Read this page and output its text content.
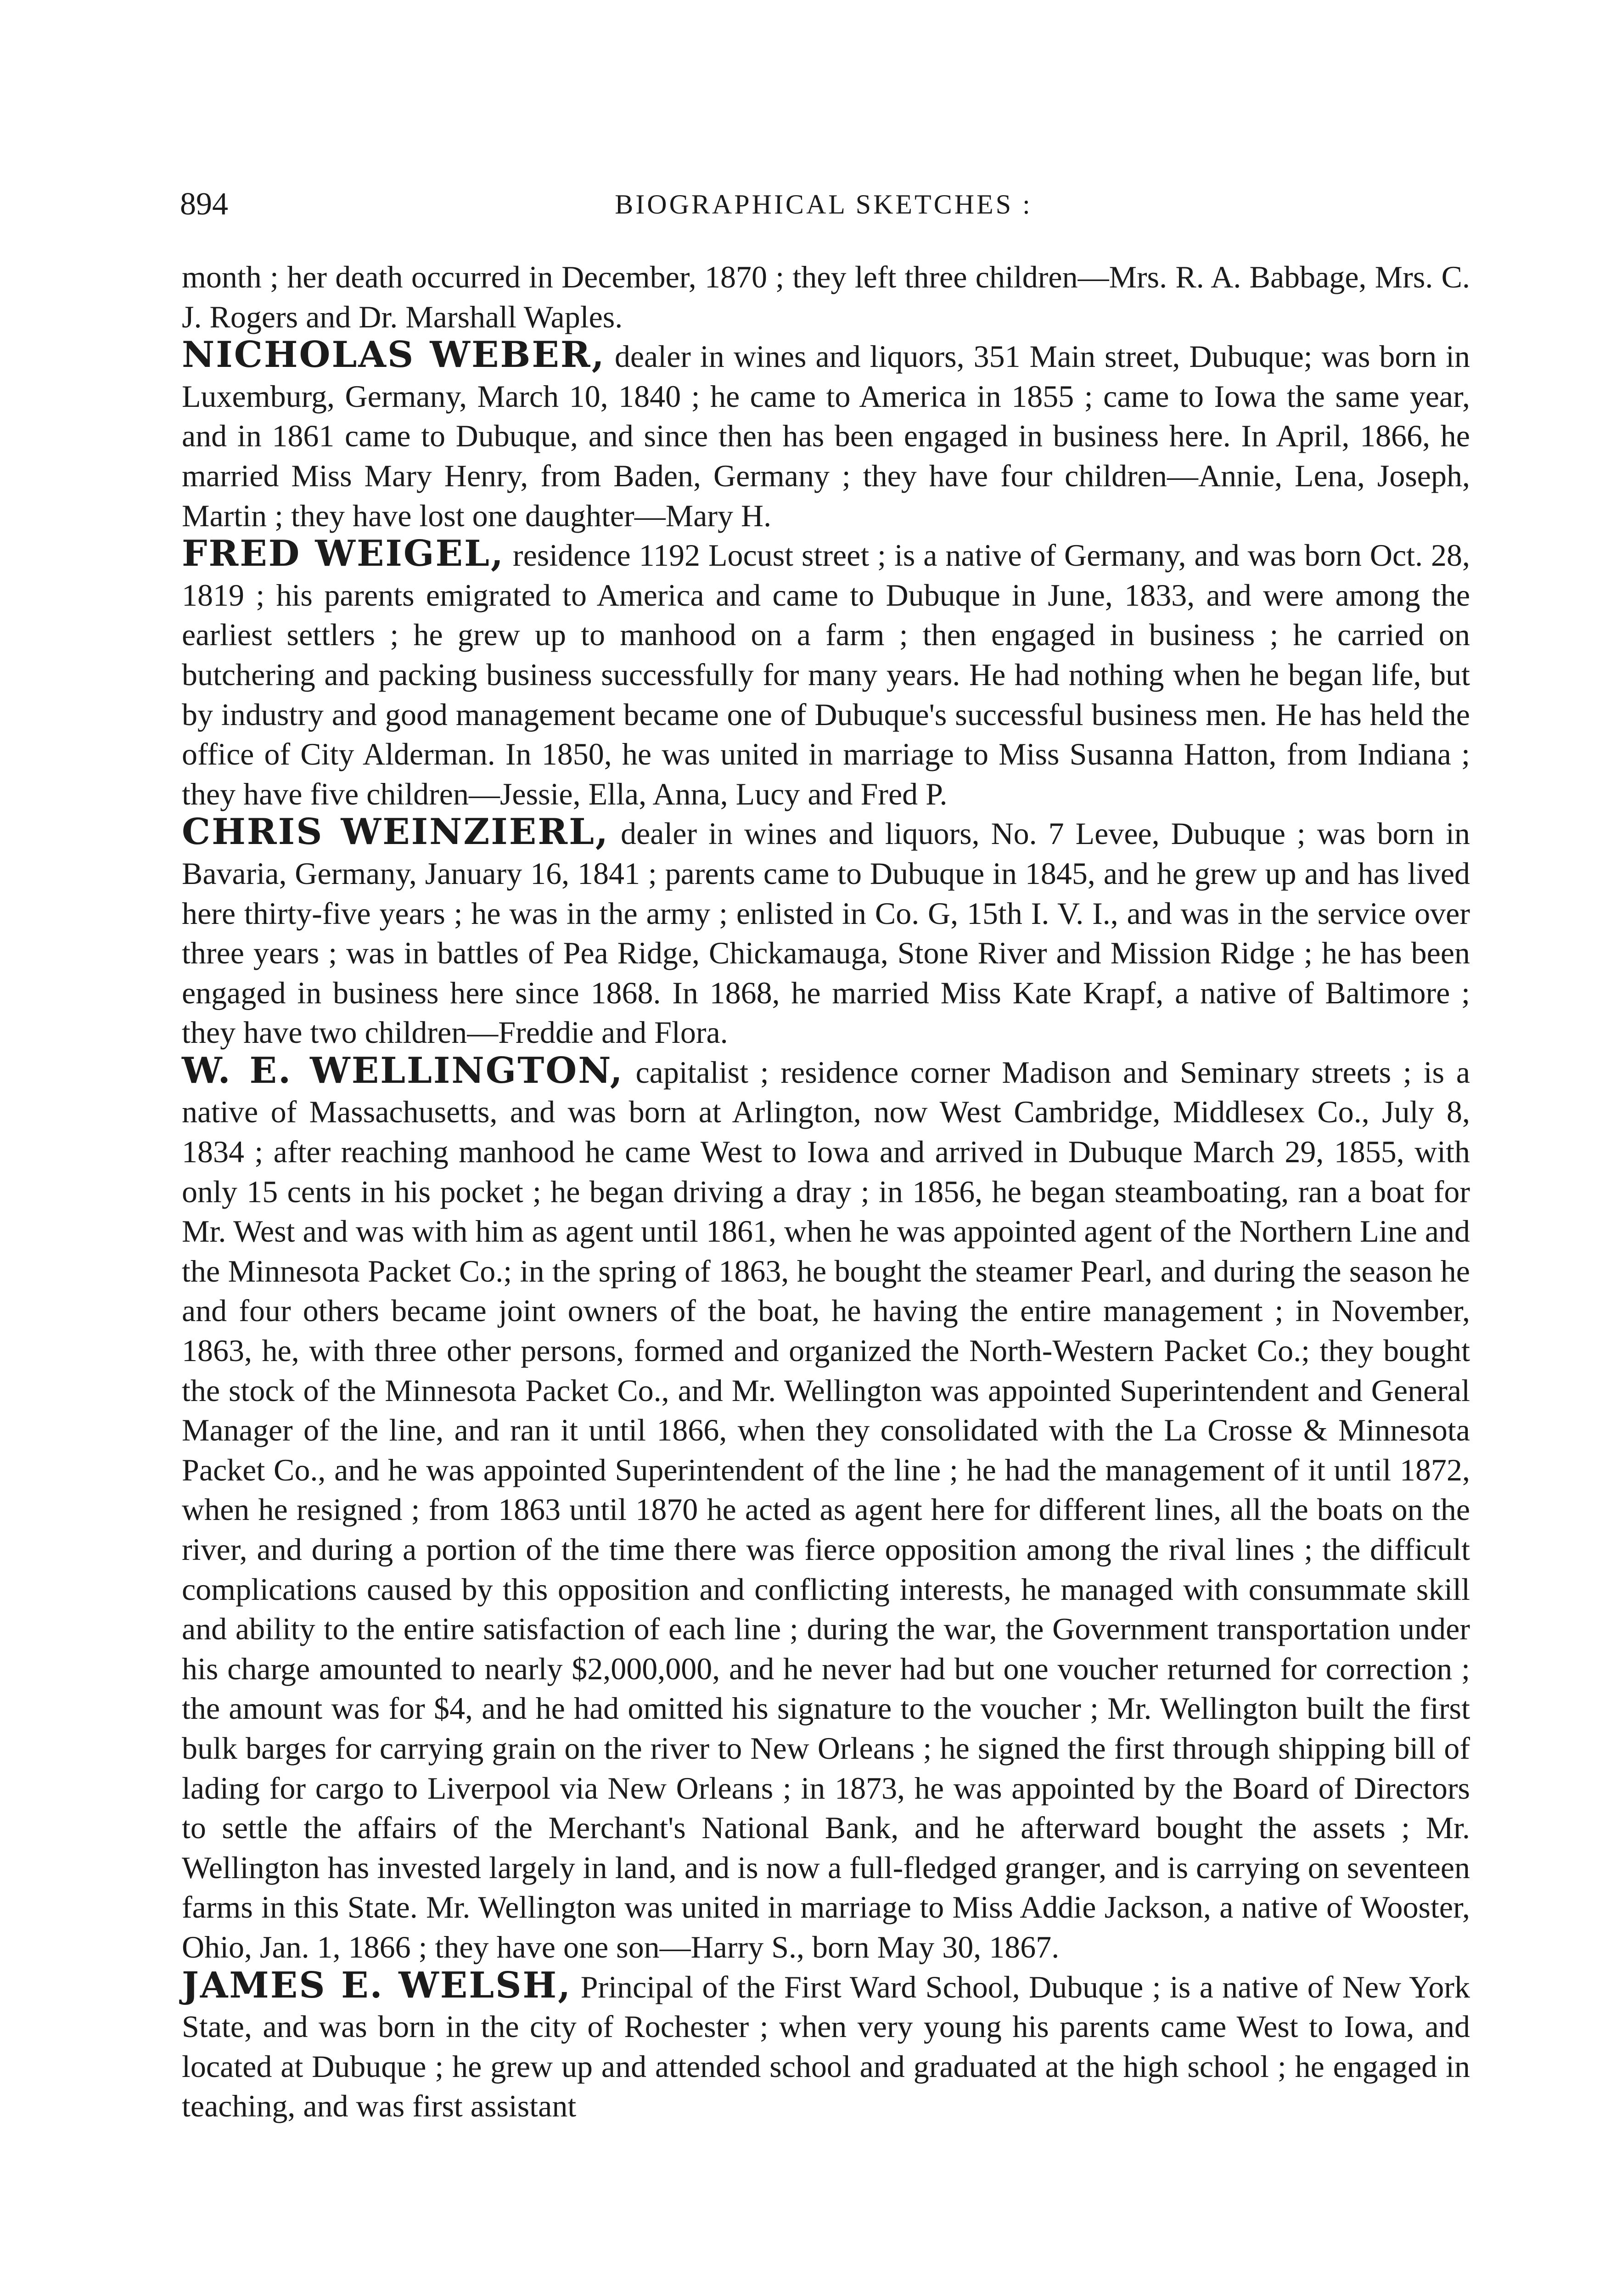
894	BIOGRAPHICAL SKETCHES :

month ; her death occurred in December, 1870 ; they left three children—Mrs. R. A. Babbage, Mrs. C. J. Rogers and Dr. Marshall Waples.

NICHOLAS WEBER, dealer in wines and liquors, 351 Main street, Dubuque; was born in Luxemburg, Germany, March 10, 1840 ; he came to America in 1855 ; came to Iowa the same year, and in 1861 came to Dubuque, and since then has been engaged in business here. In April, 1866, he married Miss Mary Henry, from Baden, Germany ; they have four children—Annie, Lena, Joseph, Martin ; they have lost one daughter—Mary H.

FRED WEIGEL, residence 1192 Locust street ; is a native of Germany, and was born Oct. 28, 1819 ; his parents emigrated to America and came to Dubuque in June, 1833, and were among the earliest settlers ; he grew up to manhood on a farm ; then engaged in business ; he carried on butchering and packing business successfully for many years. He had nothing when he began life, but by industry and good management became one of Dubuque's successful business men. He has held the office of City Alderman. In 1850, he was united in marriage to Miss Susanna Hatton, from Indiana ; they have five children—Jessie, Ella, Anna, Lucy and Fred P.

CHRIS WEINZIERL, dealer in wines and liquors, No. 7 Levee, Dubuque ; was born in Bavaria, Germany, January 16, 1841 ; parents came to Dubuque in 1845, and he grew up and has lived here thirty-five years ; he was in the army ; enlisted in Co. G, 15th I. V. I., and was in the service over three years ; was in battles of Pea Ridge, Chickamauga, Stone River and Mission Ridge ; he has been engaged in business here since 1868. In 1868, he married Miss Kate Krapf, a native of Baltimore ; they have two children—Freddie and Flora.

W. E. WELLINGTON, capitalist ; residence corner Madison and Seminary streets ; is a native of Massachusetts, and was born at Arlington, now West Cambridge, Middlesex Co., July 8, 1834 ; after reaching manhood he came West to Iowa and arrived in Dubuque March 29, 1855, with only 15 cents in his pocket ; he began driving a dray ; in 1856, he began steamboating, ran a boat for Mr. West and was with him as agent until 1861, when he was appointed agent of the Northern Line and the Minnesota Packet Co.; in the spring of 1863, he bought the steamer Pearl, and during the season he and four others became joint owners of the boat, he having the entire management ; in November, 1863, he, with three other persons, formed and organized the North-Western Packet Co.; they bought the stock of the Minnesota Packet Co., and Mr. Wellington was appointed Superintendent and General Manager of the line, and ran it until 1866, when they consolidated with the La Crosse & Minnesota Packet Co., and he was appointed Superintendent of the line ; he had the management of it until 1872, when he resigned ; from 1863 until 1870 he acted as agent here for different lines, all the boats on the river, and during a portion of the time there was fierce opposition among the rival lines ; the difficult complications caused by this opposition and conflicting interests, he managed with consummate skill and ability to the entire satisfaction of each line ; during the war, the Government transportation under his charge amounted to nearly $2,000,000, and he never had but one voucher returned for correction ; the amount was for $4, and he had omitted his signature to the voucher ; Mr. Wellington built the first bulk barges for carrying grain on the river to New Orleans ; he signed the first through shipping bill of lading for cargo to Liverpool via New Orleans ; in 1873, he was appointed by the Board of Directors to settle the affairs of the Merchant's National Bank, and he afterward bought the assets ; Mr. Wellington has invested largely in land, and is now a full-fledged granger, and is carrying on seventeen farms in this State. Mr. Wellington was united in marriage to Miss Addie Jackson, a native of Wooster, Ohio, Jan. 1, 1866 ; they have one son—Harry S., born May 30, 1867.

JAMES E. WELSH, Principal of the First Ward School, Dubuque ; is a native of New York State, and was born in the city of Rochester ; when very young his parents came West to Iowa, and located at Dubuque ; he grew up and attended school and graduated at the high school ; he engaged in teaching, and was first assistant
